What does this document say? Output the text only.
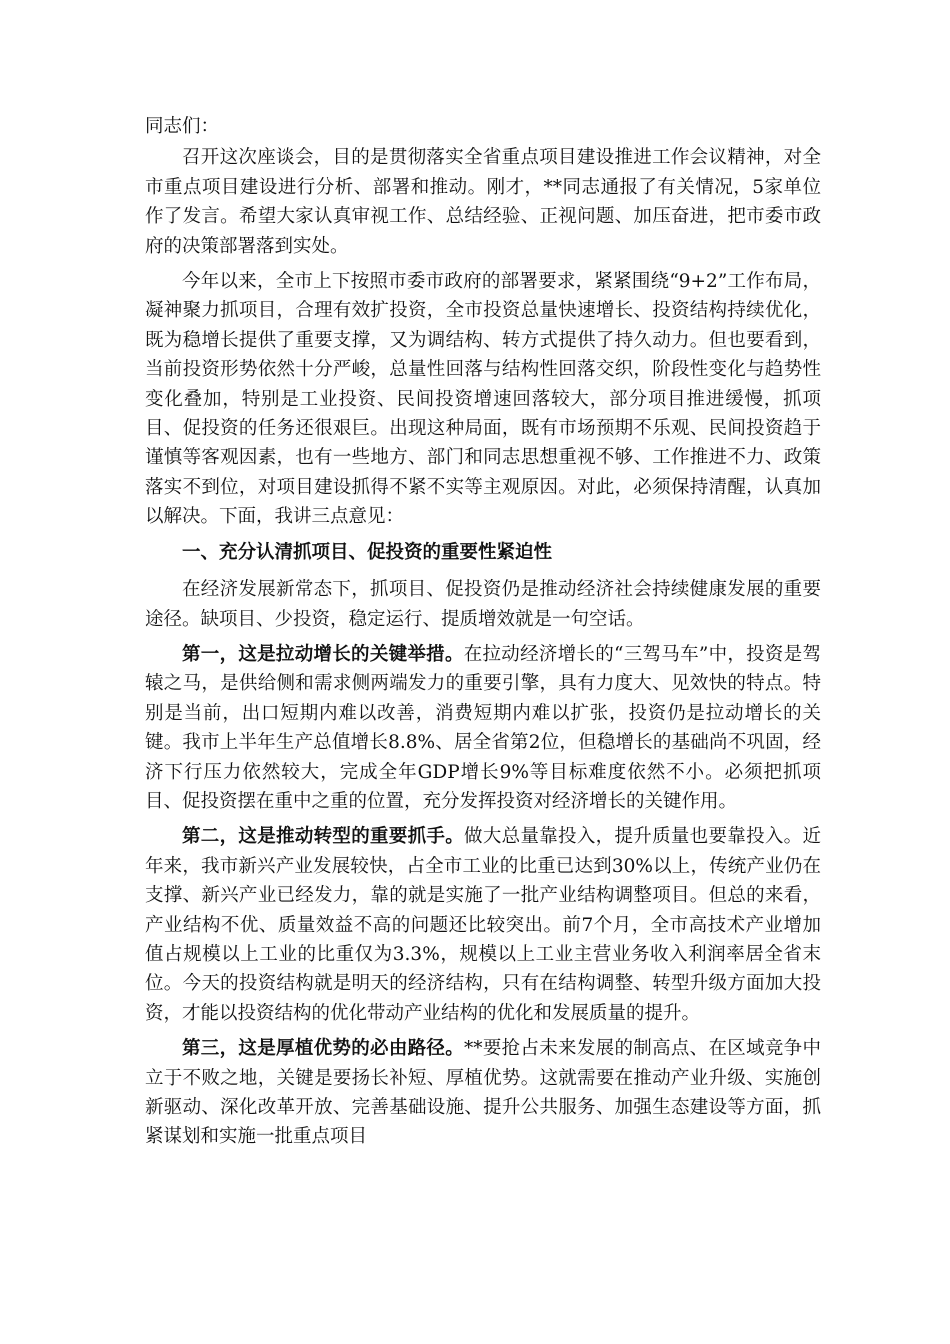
同志们：

召开这次座谈会，目的是贯彻落实全省重点项目建设推进工作会议精神，对全市重点项目建设进行分析、部署和推动。刚才，**同志通报了有关情况，5家单位作了发言。希望大家认真审视工作、总结经验、正视问题、加压奋进，把市委市政府的决策部署落到实处。

今年以来，全市上下按照市委市政府的部署要求，紧紧围绕“9+2”工作布局，凝神聚力抓项目，合理有效扩投资，全市投资总量快速增长、投资结构持续优化，既为稳增长提供了重要支撑，又为调结构、转方式提供了持久动力。但也要看到，当前投资形势依然十分严峻，总量性回落与结构性回落交织，阶段性变化与趋势性变化叠加，特别是工业投资、民间投资增速回落较大，部分项目推进缓慢，抓项目、促投资的任务还很艰巨。出现这种局面，既有市场预期不乐观、民间投资趋于谨慎等客观因素，也有一些地方、部门和同志思想重视不够、工作推进不力、政策落实不到位，对项目建设抓得不紧不实等主观原因。对此，必须保持清醒，认真加以解决。下面，我讲三点意见：

一、充分认清抓项目、促投资的重要性紧迫性

在经济发展新常态下，抓项目、促投资仍是推动经济社会持续健康发展的重要途径。缺项目、少投资，稳定运行、提质增效就是一句空话。

第一，这是拉动增长的关键举措。在拉动经济增长的“三驾马车”中，投资是驾辕之马，是供给侧和需求侧两端发力的重要引擎，具有力度大、见效快的特点。特别是当前，出口短期内难以改善，消费短期内难以扩张，投资仍是拉动增长的关键。我市上半年生产总值增长8.8%、居全省第2位，但稳增长的基础尚不巩固，经济下行压力依然较大，完成全年GDP增长9%等目标难度依然不小。必须把抓项目、促投资摆在重中之重的位置，充分发挥投资对经济增长的关键作用。

第二，这是推动转型的重要抓手。做大总量靠投入，提升质量也要靠投入。近年来，我市新兴产业发展较快，占全市工业的比重已达到30%以上，传统产业仍在支撑、新兴产业已经发力，靠的就是实施了一批产业结构调整项目。但总的来看，产业结构不优、质量效益不高的问题还比较突出。前7个月，全市高技术产业增加值占规模以上工业的比重仅为3.3%，规模以上工业主营业务收入利润率居全省末位。今天的投资结构就是明天的经济结构，只有在结构调整、转型升级方面加大投资，才能以投资结构的优化带动产业结构的优化和发展质量的提升。

第三，这是厚植优势的必由路径。**要抢占未来发展的制高点、在区域竞争中立于不败之地，关键是要扬长补短、厚植优势。这就需要在推动产业升级、实施创新驱动、深化改革开放、完善基础设施、提升公共服务、加强生态建设等方面，抓紧谋划和实施一批重点项目
